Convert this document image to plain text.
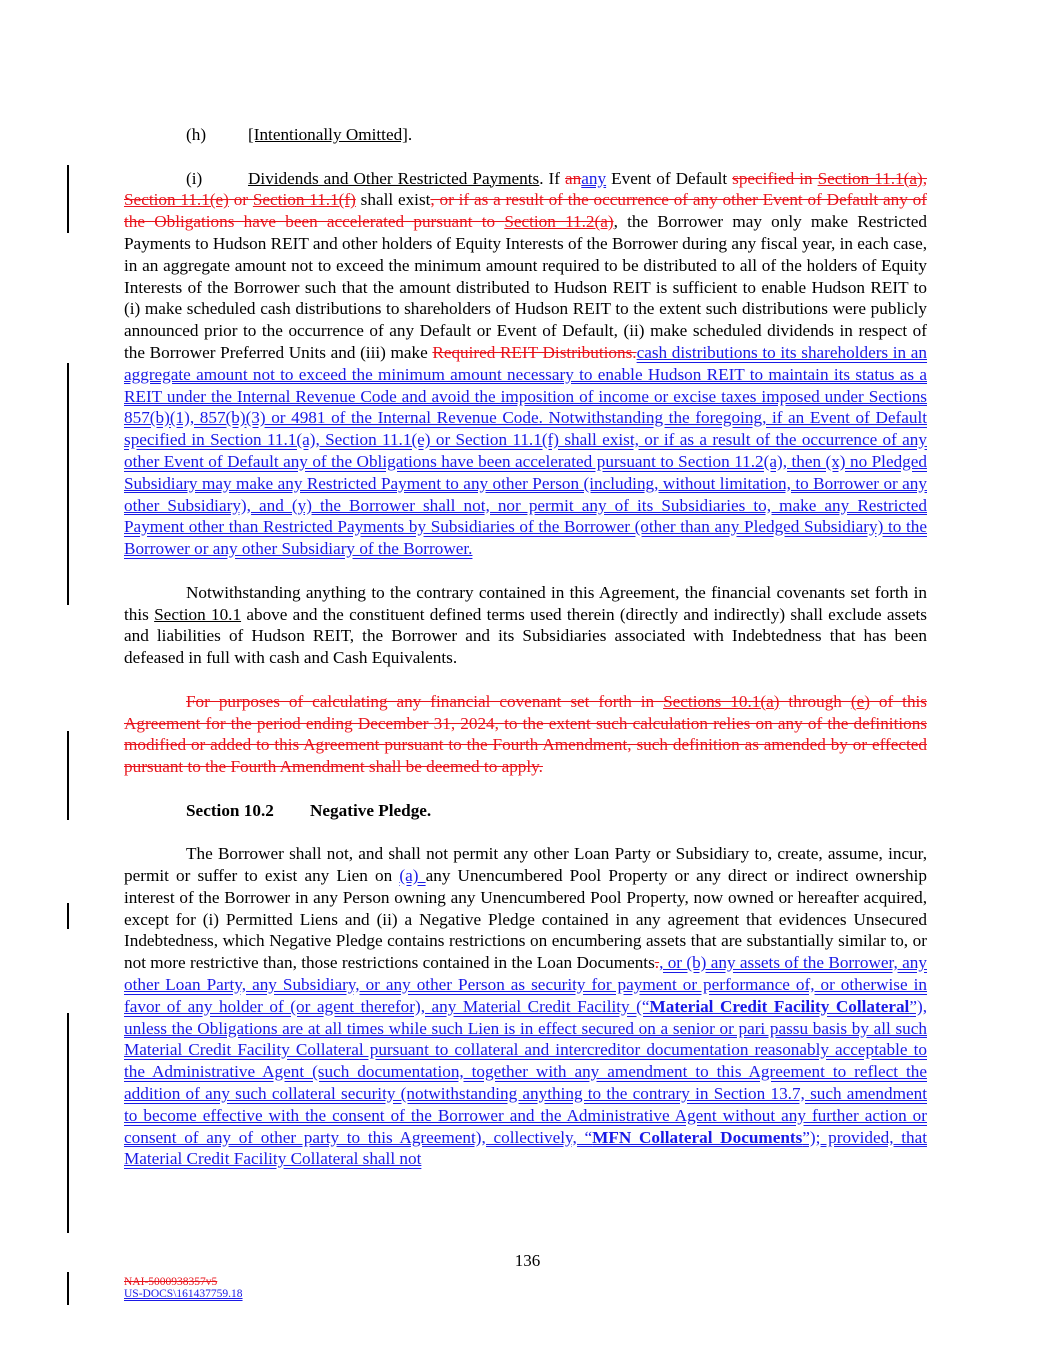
(h) [Intentionally Omitted].

(i)	Dividends and Other Restricted Payments. If anany Event of Default specified in Section 11.1(a), Section 11.1(e) or Section 11.1(f) shall exist, or if as a result of the occurrence of any other Event of Default any of the Obligations have been accelerated pursuant to Section 11.2(a), the Borrower may only make Restricted Payments to Hudson REIT and other holders of Equity Interests of the Borrower during any fiscal year, in each case, in an aggregate amount not to exceed the minimum amount required to be distributed to all of the holders of Equity Interests of the Borrower such that the amount distributed to Hudson REIT is sufficient to enable Hudson REIT to (i) make scheduled cash distributions to shareholders of Hudson REIT to the extent such distributions were publicly announced prior to the occurrence of any Default or Event of Default, (ii) make scheduled dividends in respect of the Borrower Preferred Units and (iii) make Required REIT Distributions.cash distributions to its shareholders in an aggregate amount not to exceed the minimum amount necessary to enable Hudson REIT to maintain its status as a REIT under the Internal Revenue Code and avoid the imposition of income or excise taxes imposed under Sections 857(b)(1), 857(b)(3) or 4981 of the Internal Revenue Code. Notwithstanding the foregoing, if an Event of Default specified in Section 11.1(a), Section 11.1(e) or Section 11.1(f) shall exist, or if as a result of the occurrence of any other Event of Default any of the Obligations have been accelerated pursuant to Section 11.2(a), then (x) no Pledged Subsidiary may make any Restricted Payment to any other Person (including, without limitation, to Borrower or any other Subsidiary), and (y) the Borrower shall not, nor permit any of its Subsidiaries to, make any Restricted Payment other than Restricted Payments by Subsidiaries of the Borrower (other than any Pledged Subsidiary) to the Borrower or any other Subsidiary of the Borrower.

Notwithstanding anything to the contrary contained in this Agreement, the financial covenants set forth in this Section 10.1 above and the constituent defined terms used therein (directly and indirectly) shall exclude assets and liabilities of Hudson REIT, the Borrower and its Subsidiaries associated with Indebtedness that has been defeased in full with cash and Cash Equivalents.

For purposes of calculating any financial covenant set forth in Sections 10.1(a) through (e) of this Agreement for the period ending December 31, 2024, to the extent such calculation relies on any of the definitions modified or added to this Agreement pursuant to the Fourth Amendment, such definition as amended by or effected pursuant to the Fourth Amendment shall be deemed to apply.

Section 10.2 Negative Pledge.

The Borrower shall not, and shall not permit any other Loan Party or Subsidiary to, create, assume, incur, permit or suffer to exist any Lien on (a) any Unencumbered Pool Property or any direct or indirect ownership interest of the Borrower in any Person owning any Unencumbered Pool Property, now owned or hereafter acquired, except for (i) Permitted Liens and (ii) a Negative Pledge contained in any agreement that evidences Unsecured Indebtedness, which Negative Pledge contains restrictions on encumbering assets that are substantially similar to, or not more restrictive than, those restrictions contained in the Loan Documents., or (b) any assets of the Borrower, any other Loan Party, any Subsidiary, or any other Person as security for payment or performance of, or otherwise in favor of any holder of (or agent therefor), any Material Credit Facility (“Material Credit Facility Collateral”), unless the Obligations are at all times while such Lien is in effect secured on a senior or pari passu basis by all such Material Credit Facility Collateral pursuant to collateral and intercreditor documentation reasonably acceptable to the Administrative Agent (such documentation, together with any amendment to this Agreement to reflect the addition of any such collateral security (notwithstanding anything to the contrary in Section 13.7, such amendment to become effective with the consent of the Borrower and the Administrative Agent without any further action or consent of any of other party to this Agreement), collectively, “MFN Collateral Documents”); provided, that Material Credit Facility Collateral shall not

136
NAI-5000938357v5
US-DOCS\161437759.18
